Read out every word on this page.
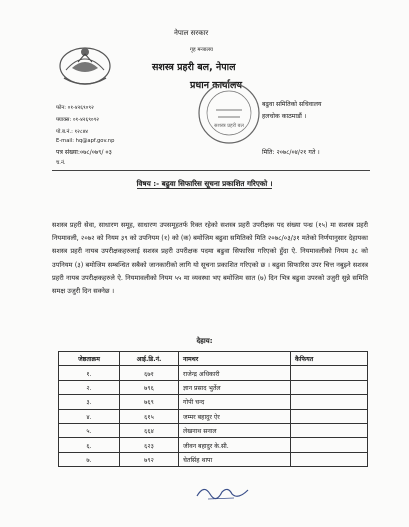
नेपाल सरकार
गृह मन्त्रालय
सशस्त्र प्रहरी बल, नेपाल
प्रधान कार्यालय
सशस्त्र प्रहरी बल
फोन: ०१-४२६९०९२
फ्याक्स: ०१-४२६९०९२
पो.ब.नं.: १२८४४
E-mail: hq@apf.gov.np
पत्र संख्या:०७८/०७९/ ०३
च.नं.
बढुवा समितिको सचिवालय
हलचोक काठमाडौं ।
मिति: २०७८/०४/२१ गते ।
विषय :- बढुवा सिफारिस सूचना प्रकाशित गरिएको ।
सशस्त्र प्रहरी सेवा, साधारण समूह, साधारण उपसमूहतर्फ रिक्त रहेको सशस्त्र प्रहरी उपरीक्षक पद संख्या पन्ध्र (१५) मा सशस्त्र प्रहरी नियमावली, २०७२ को नियम ३९ को उपनियम (१) को (क) बमोजिम बढुवा समितिको मिति २०७८/०३/३१ मतेको निर्णयानुसार देहायका सशस्त्र प्रहरी नायब उपरीक्षकहरुलाई सशस्त्र प्रहरी उपरीक्षक पदमा बढुवा सिफारिस गरिएको हुँदा ऐ. नियमावलीको नियम ३८ को उपनियम (३) बमोजिम सम्बन्धित सबैको जानकारीको लागि यो सूचना प्रकाशित गरिएको छ । बढुवा सिफारिस उपर चित्त नबुझ्ने सशस्त्र प्रहरी नायब उपरीक्षकहरुले ऐ. नियमावलीको नियम ५५ मा व्यवस्था भए बमोजिम सात (७) दिन भित्र बढुवा उपरको उजुरी सुन्ने समिति समक्ष उजुरी दिन सक्नेछ ।
देहाय:
जेष्ठताक्रम	आई.डि.नं.	नामथर	कैफियत
१.	६७१	राजेन्द्र अधिकारी	
२.	७९६	ज्ञान प्रसाद भुर्तेल	
३.	७६९	गोपी चन्द	
४.	६१५	जम्मर बहादुर ऐर	
५.	६६४	लेखनाथ सनाल	
६.	६२३	जीवन बहादुर के.सी.	
७.	७९२	चेतसिंह थापा	
